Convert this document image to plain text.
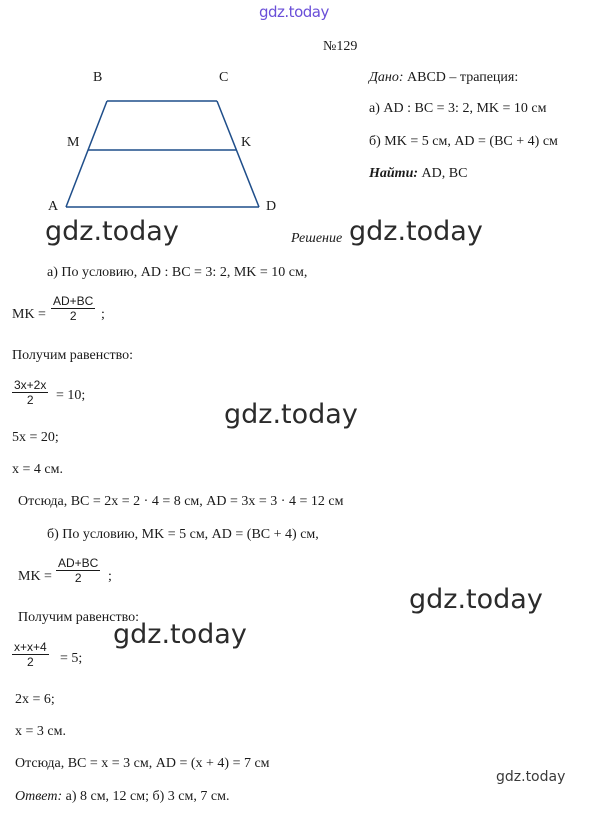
gdz.today
№129
B	C
M	K
A	D
Дано: ABCD – трапеция:
а) AD : BC = 3: 2, MK = 10 см
б) MK = 5 см, AD = (BC + 4) см
Найти: AD, BC
gdz.today	Решение gdz.today
а) По условию, AD : BC = 3: 2, MK = 10 см,
MK = $\frac{AD+BC}{2}$ ;
Получим равенство:
$\frac{3x+2x}{2} = 10$;
gdz.today
5x = 20;
x = 4 см.
Отсюда, BC = 2x = 2 · 4 = 8 см, AD = 3x = 3 · 4 = 12 см
б) По условию, MK = 5 см, AD = (BC + 4) см,
MK = $\frac{AD+BC}{2}$ ;
gdz.today
Получим равенство:
gdz.today
$\frac{x+x+4}{2} = 5$;
2x = 6;
x = 3 см.
Отсюда, BC = x = 3 см, AD = (x + 4) = 7 см
gdz.today
Ответ: а) 8 см, 12 см; б) 3 см, 7 см.
